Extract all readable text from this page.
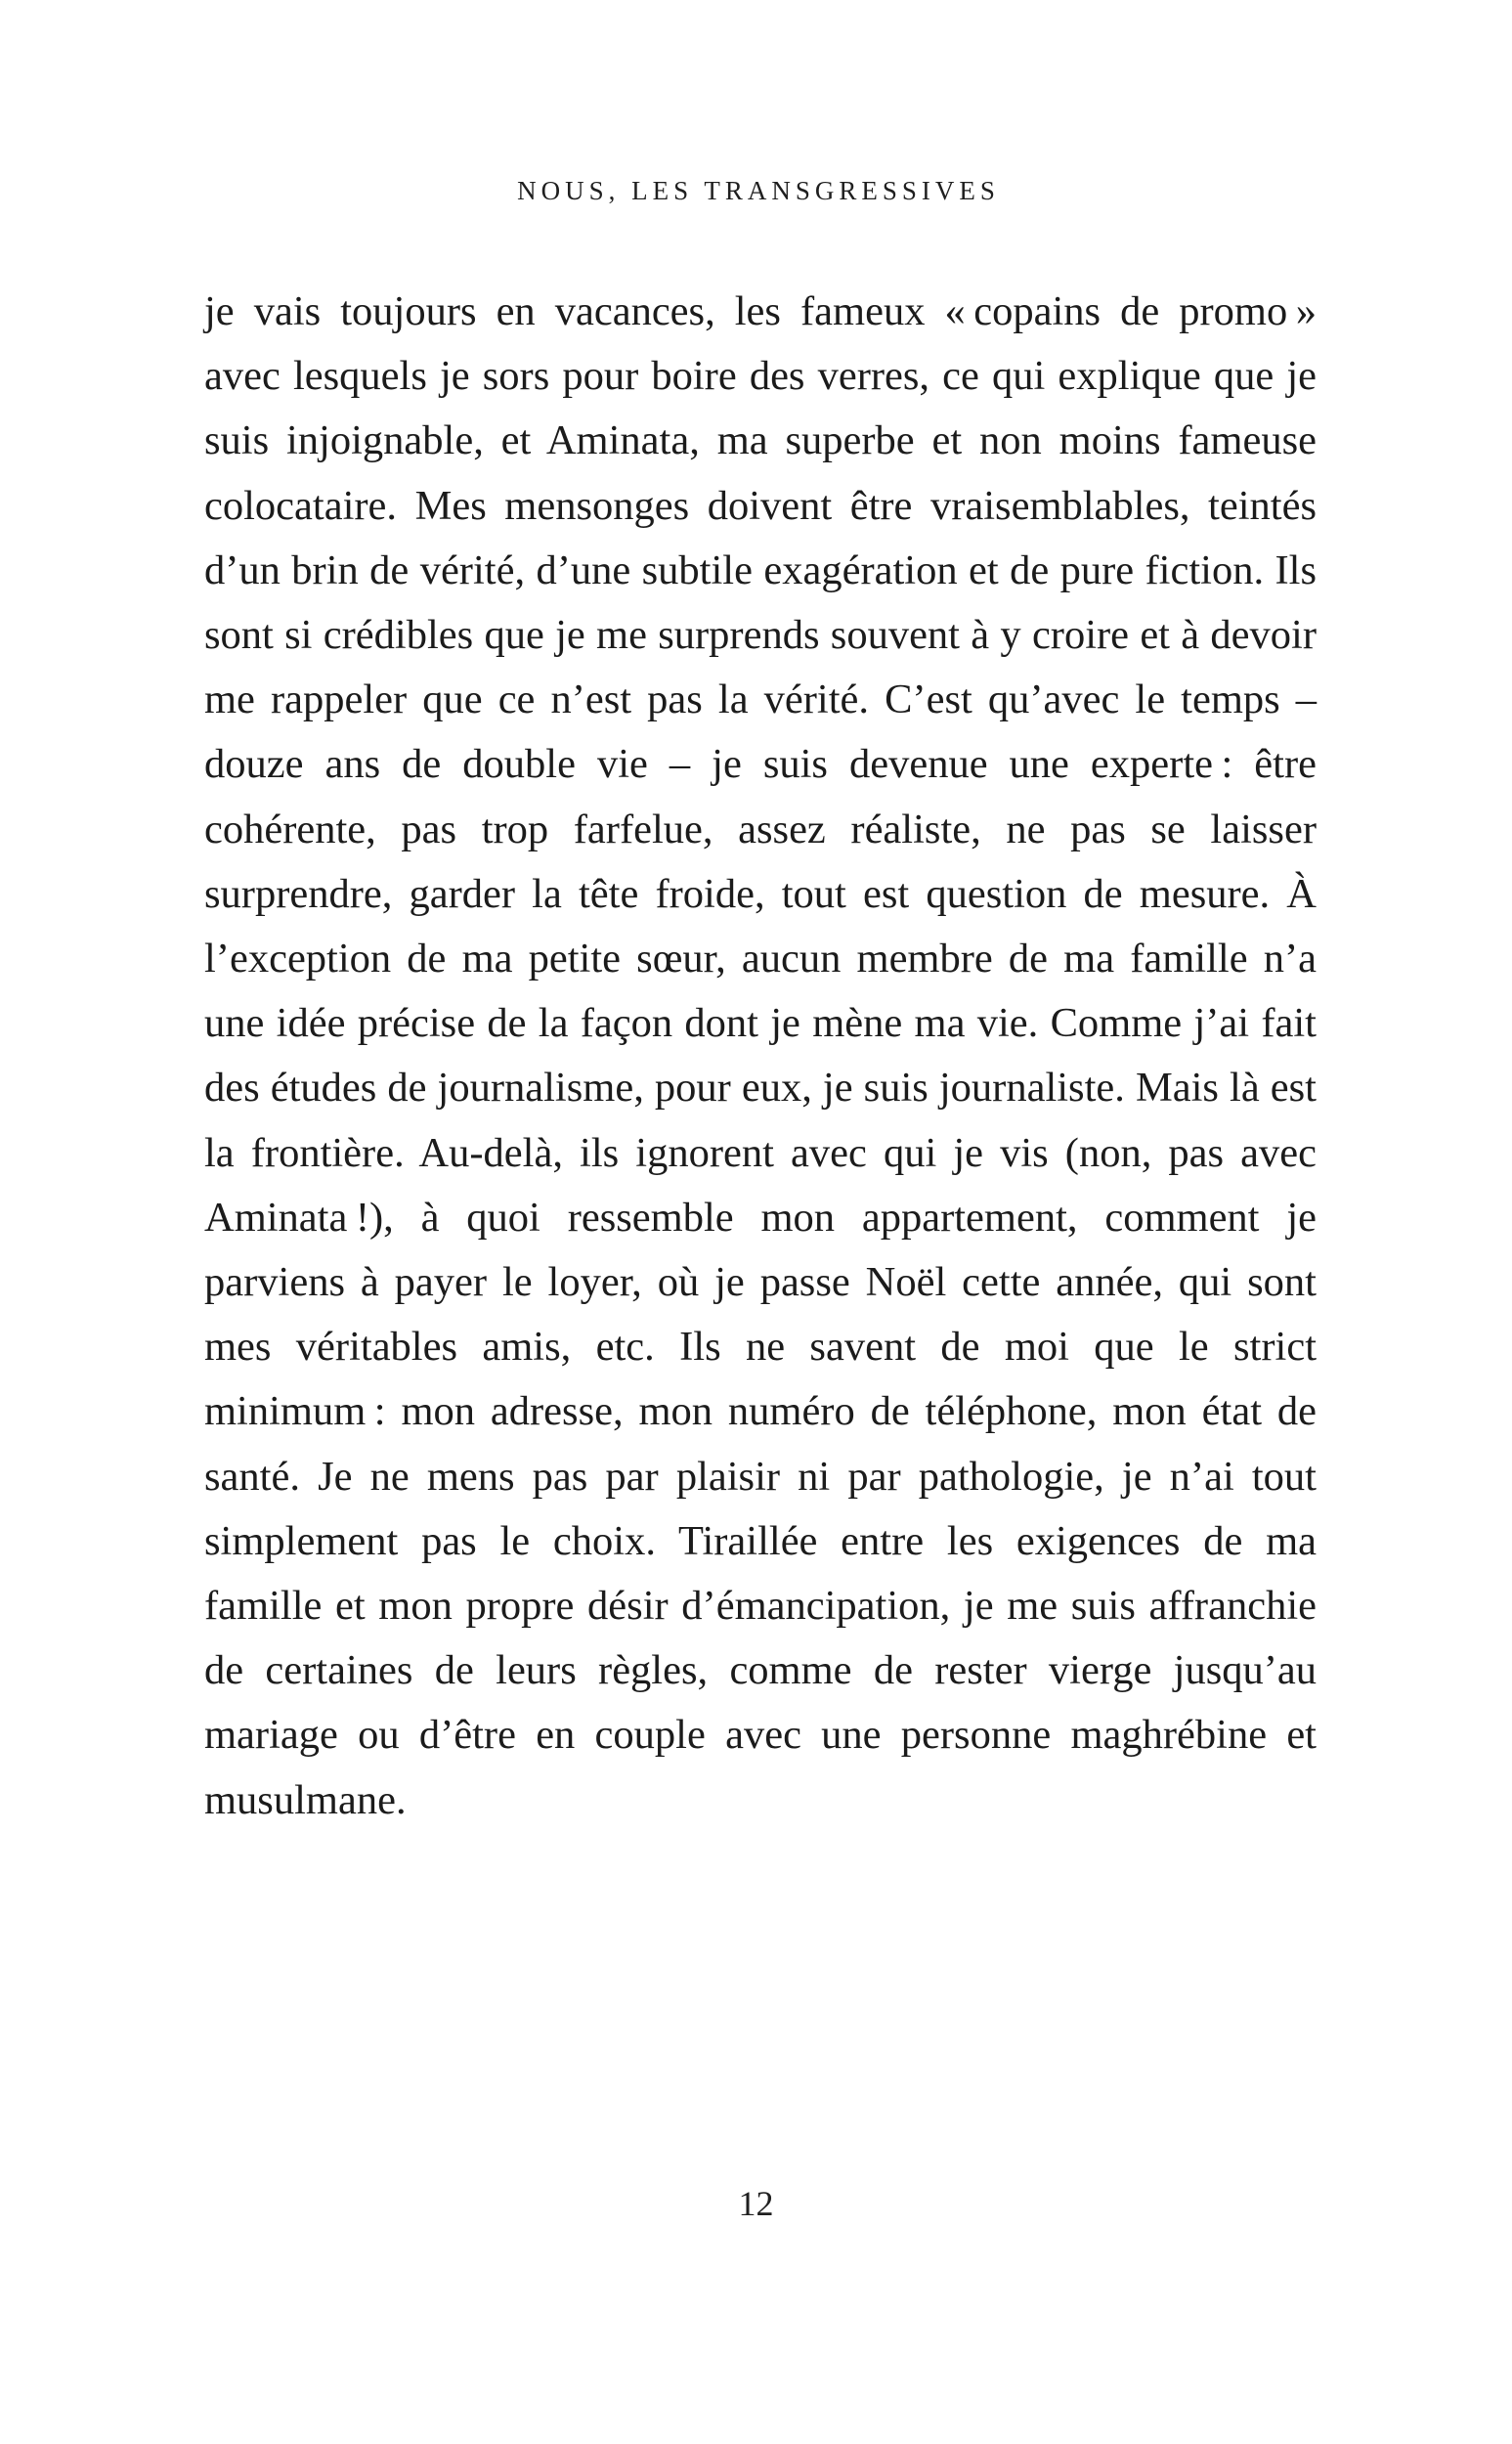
NOUS, LES TRANSGRESSIVES

je vais toujours en vacances, les fameux « copains de promo » avec lesquels je sors pour boire des verres, ce qui explique que je suis injoignable, et Aminata, ma superbe et non moins fameuse colocataire. Mes mensonges doivent être vraisemblables, teintés d’un brin de vérité, d’une subtile exagération et de pure fiction. Ils sont si crédibles que je me surprends souvent à y croire et à devoir me rappeler que ce n’est pas la vérité. C’est qu’avec le temps – douze ans de double vie – je suis devenue une experte : être cohérente, pas trop farfelue, assez réaliste, ne pas se laisser surprendre, garder la tête froide, tout est question de mesure. À l’exception de ma petite sœur, aucun membre de ma famille n’a une idée précise de la façon dont je mène ma vie. Comme j’ai fait des études de journalisme, pour eux, je suis journaliste. Mais là est la frontière. Au-delà, ils ignorent avec qui je vis (non, pas avec Aminata !), à quoi ressemble mon appartement, comment je parviens à payer le loyer, où je passe Noël cette année, qui sont mes véritables amis, etc. Ils ne savent de moi que le strict minimum : mon adresse, mon numéro de téléphone, mon état de santé. Je ne mens pas par plaisir ni par pathologie, je n’ai tout simplement pas le choix. Tiraillée entre les exigences de ma famille et mon propre désir d’émancipation, je me suis affranchie de certaines de leurs règles, comme de rester vierge jusqu’au mariage ou d’être en couple avec une personne maghrébine et musulmane.

12
